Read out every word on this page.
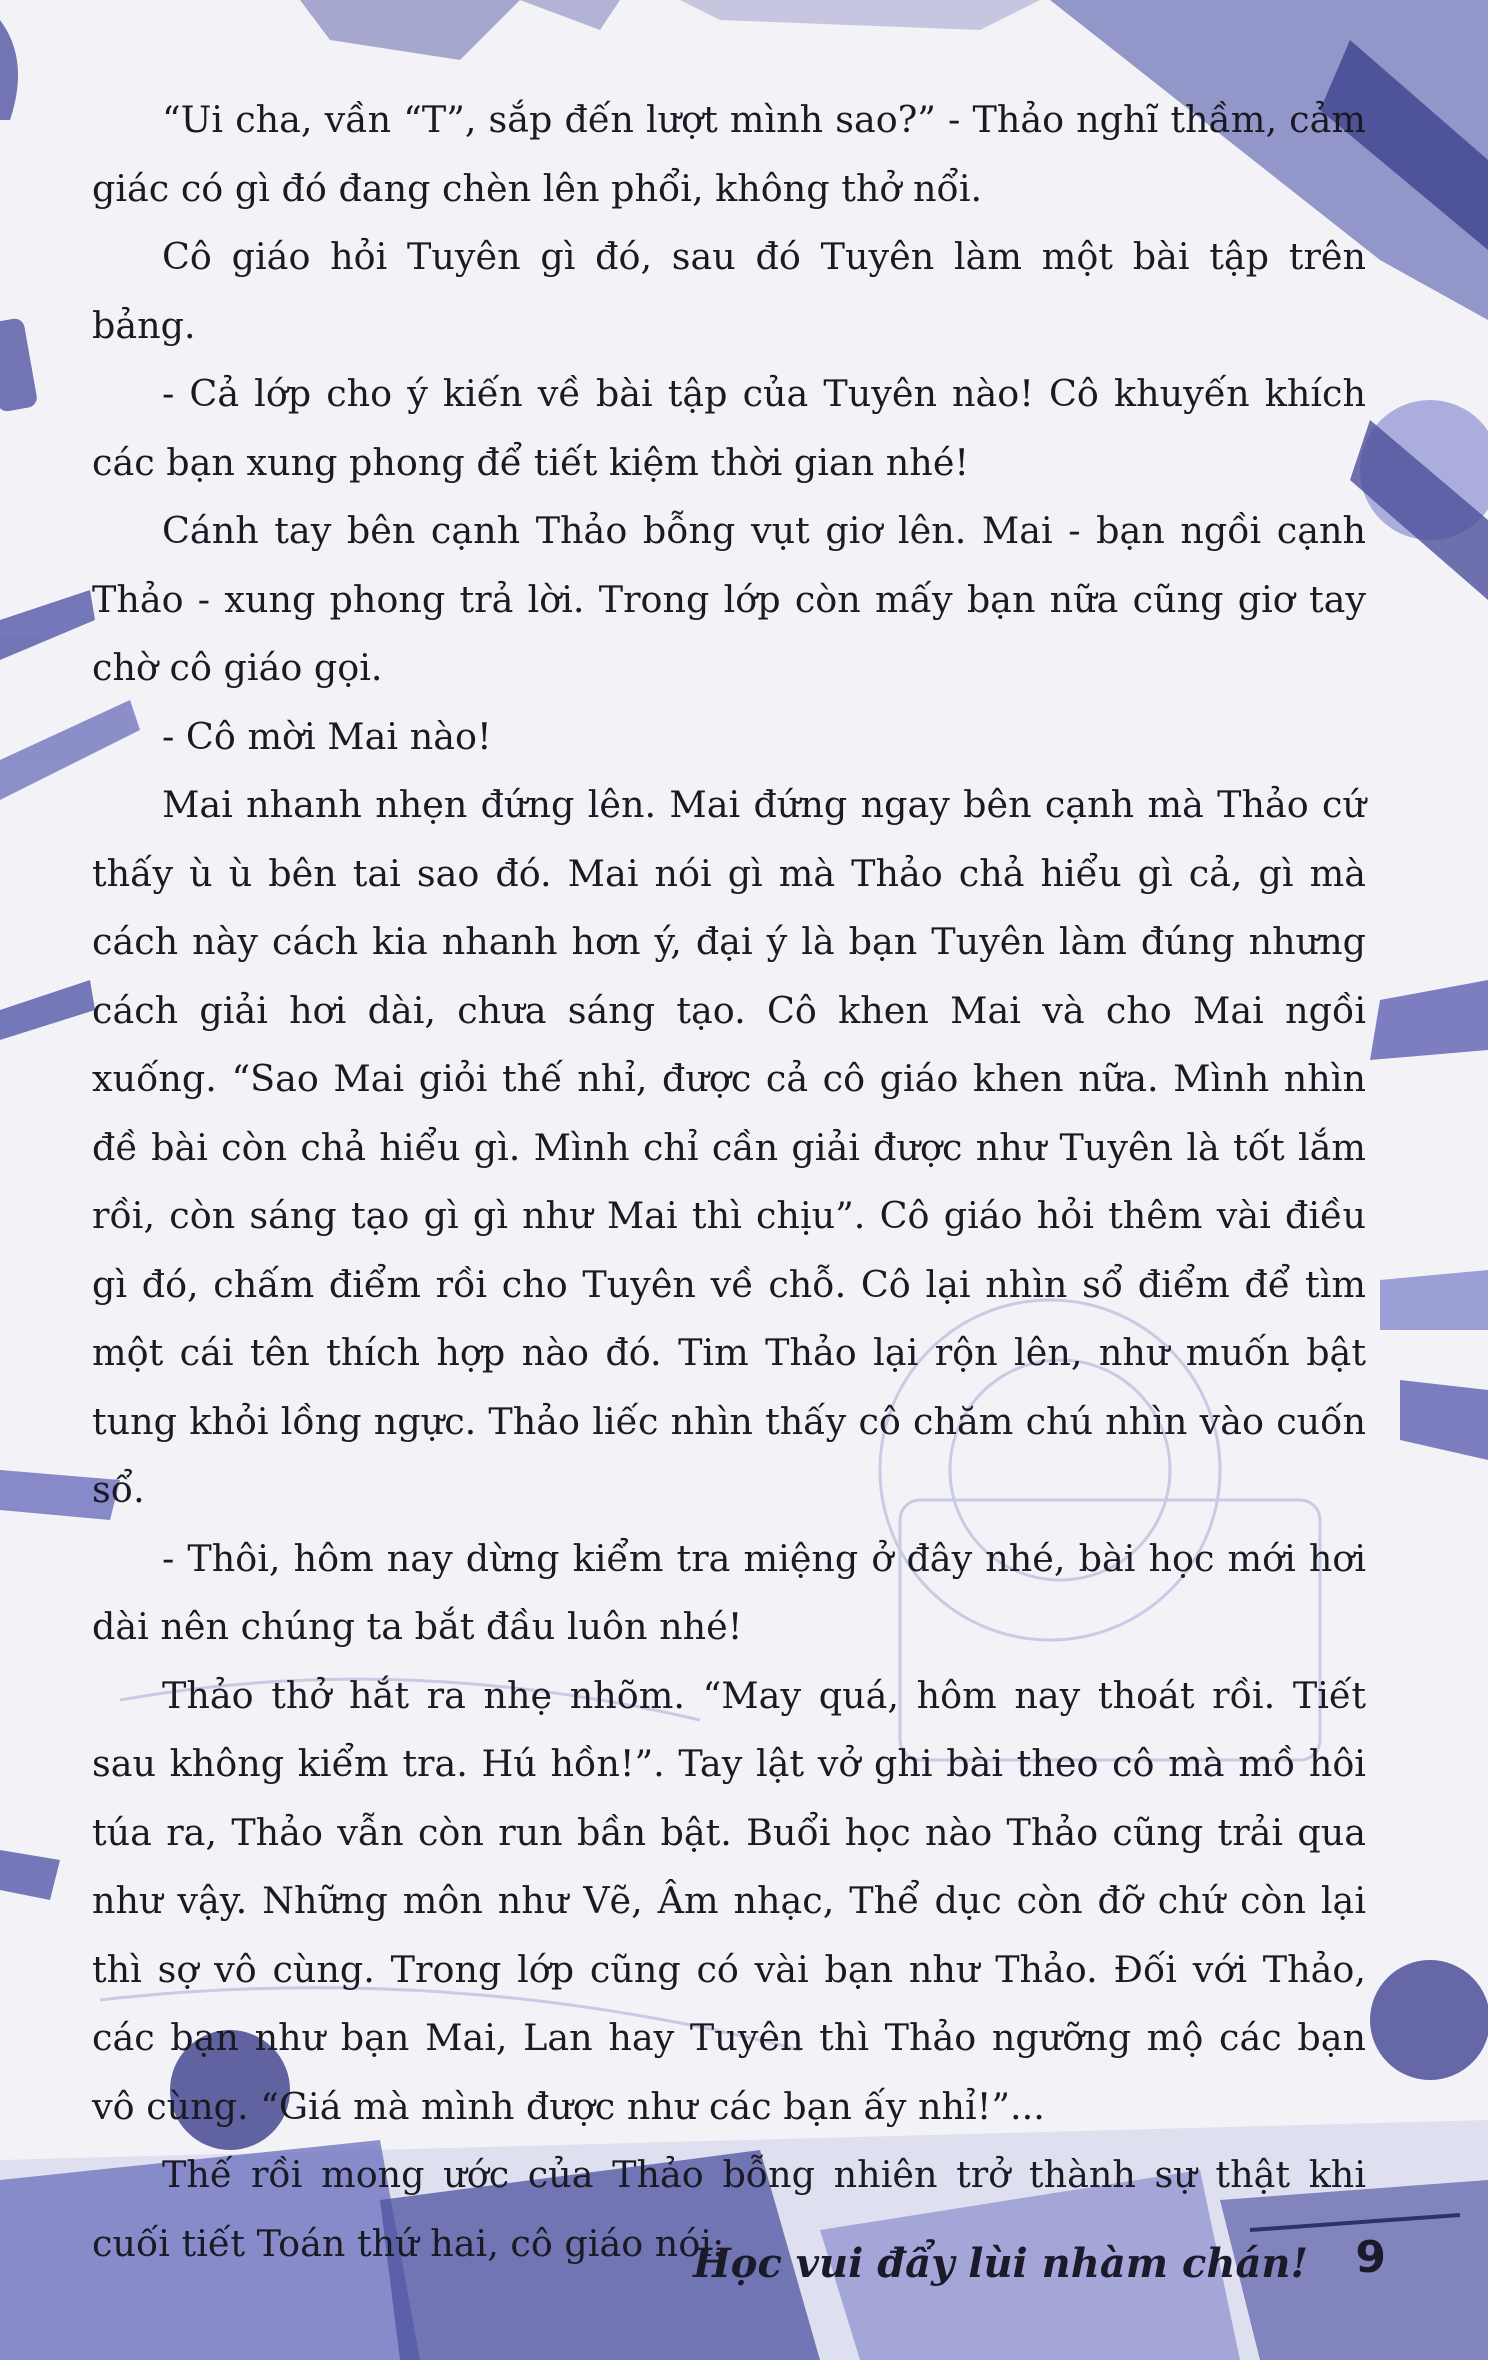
“Ui cha, vần “T”, sắp đến lượt mình sao?” - Thảo nghĩ thầm, cảm giác có gì đó đang chèn lên phổi, không thở nổi.

Cô giáo hỏi Tuyên gì đó, sau đó Tuyên làm một bài tập trên bảng.

- Cả lớp cho ý kiến về bài tập của Tuyên nào! Cô khuyến khích các bạn xung phong để tiết kiệm thời gian nhé!

Cánh tay bên cạnh Thảo bỗng vụt giơ lên. Mai - bạn ngồi cạnh Thảo - xung phong trả lời. Trong lớp còn mấy bạn nữa cũng giơ tay chờ cô giáo gọi.

- Cô mời Mai nào!

Mai nhanh nhẹn đứng lên. Mai đứng ngay bên cạnh mà Thảo cứ thấy ù ù bên tai sao đó. Mai nói gì mà Thảo chả hiểu gì cả, gì mà cách này cách kia nhanh hơn ý, đại ý là bạn Tuyên làm đúng nhưng cách giải hơi dài, chưa sáng tạo. Cô khen Mai và cho Mai ngồi xuống. “Sao Mai giỏi thế nhỉ, được cả cô giáo khen nữa. Mình nhìn đề bài còn chả hiểu gì. Mình chỉ cần giải được như Tuyên là tốt lắm rồi, còn sáng tạo gì gì như Mai thì chịu”. Cô giáo hỏi thêm vài điều gì đó, chấm điểm rồi cho Tuyên về chỗ. Cô lại nhìn sổ điểm để tìm một cái tên thích hợp nào đó. Tim Thảo lại rộn lên, như muốn bật tung khỏi lồng ngực. Thảo liếc nhìn thấy cô chăm chú nhìn vào cuốn sổ.

- Thôi, hôm nay dừng kiểm tra miệng ở đây nhé, bài học mới hơi dài nên chúng ta bắt đầu luôn nhé!

Thảo thở hắt ra nhẹ nhõm. “May quá, hôm nay thoát rồi. Tiết sau không kiểm tra. Hú hồn!”. Tay lật vở ghi bài theo cô mà mồ hôi túa ra, Thảo vẫn còn run bần bật. Buổi học nào Thảo cũng trải qua như vậy. Những môn như Vẽ, Âm nhạc, Thể dục còn đỡ chứ còn lại thì sợ vô cùng. Trong lớp cũng có vài bạn như Thảo. Đối với Thảo, các bạn như bạn Mai, Lan hay Tuyên thì Thảo ngưỡng mộ các bạn vô cùng. “Giá mà mình được như các bạn ấy nhỉ!”...

Thế rồi mong ước của Thảo bỗng nhiên trở thành sự thật khi cuối tiết Toán thứ hai, cô giáo nói:

Học vui đẩy lùi nhàm chán! 9
